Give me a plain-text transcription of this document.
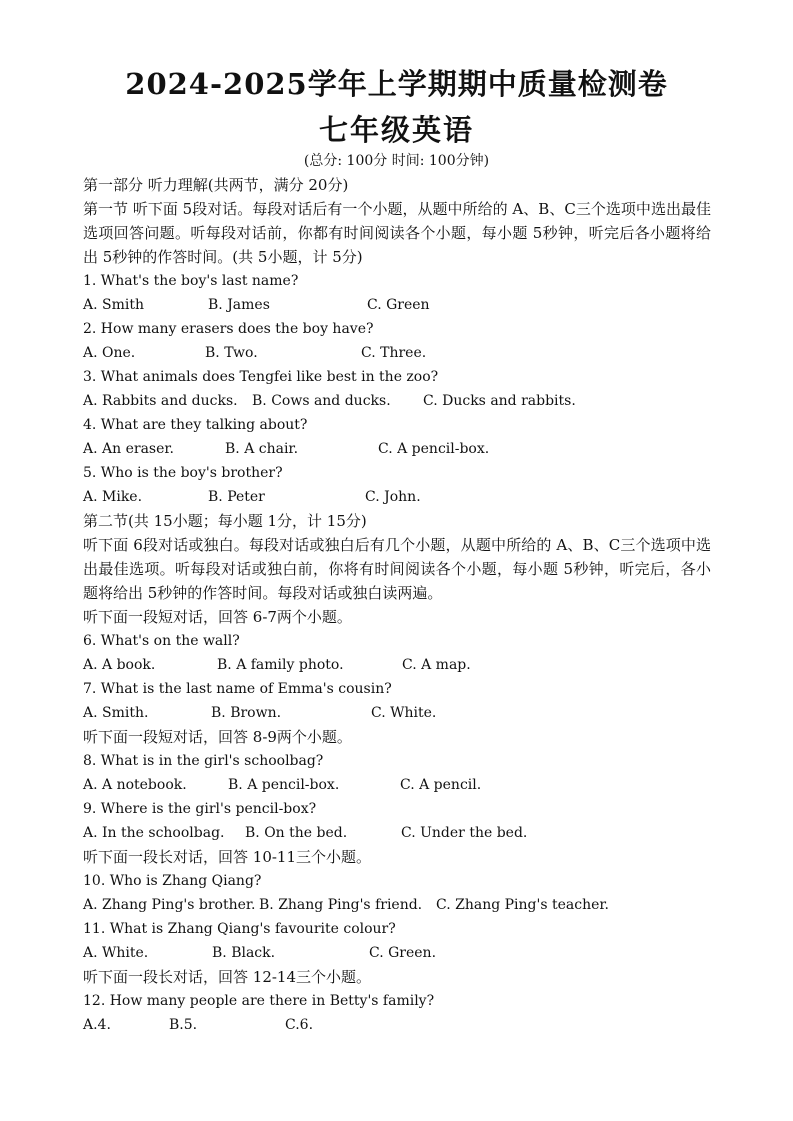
2024-2025学年上学期期中质量检测卷
七年级英语
(总分: 100分 时间: 100分钟)
第一部分 听力理解(共两节，满分 20分)
第一节 听下面 5段对话。每段对话后有一个小题，从题中所给的 A、B、C三个选项中选出最佳选项回答问题。听每段对话前，你都有时间阅读各个小题，每小题 5秒钟，听完后各小题将给出 5秒钟的作答时间。(共 5小题，计 5分)
1. What's the boy's last name?
A. Smith	B. James	C. Green
2. How many erasers does the boy have?
A. One.	B. Two.	C. Three.
3. What animals does Tengfei like best in the zoo?
A. Rabbits and ducks. B. Cows and ducks. C. Ducks and rabbits.
4. What are they talking about?
A. An eraser.	B. A chair.	C. A pencil-box.
5. Who is the boy's brother?
A. Mike.	B. Peter	C. John.
第二节(共 15小题；每小题 1分，计 15分)
听下面 6段对话或独白。每段对话或独白后有几个小题，从题中所给的 A、B、C三个选项中选出最佳选项。听每段对话或独白前，你将有时间阅读各个小题，每小题 5秒钟，听完后，各小题将给出 5秒钟的作答时间。每段对话或独白读两遍。
听下面一段短对话，回答 6-7两个小题。
6. What's on the wall?
A. A book.	B. A family photo.	C. A map.
7. What is the last name of Emma's cousin?
A. Smith.	B. Brown.	C. White.
听下面一段短对话，回答 8-9两个小题。
8. What is in the girl's schoolbag?
A. A notebook.	B. A pencil-box.	C. A pencil.
9. Where is the girl's pencil-box?
A. In the schoolbag. B. On the bed.	C. Under the bed.
听下面一段长对话，回答 10-11三个小题。
10. Who is Zhang Qiang?
A. Zhang Ping's brother. B. Zhang Ping's friend. C. Zhang Ping's teacher.
11. What is Zhang Qiang's favourite colour?
A. White.	B. Black.	C. Green.
听下面一段长对话，回答 12-14三个小题。
12. How many people are there in Betty's family?
A.4.	B.5.	C.6.
